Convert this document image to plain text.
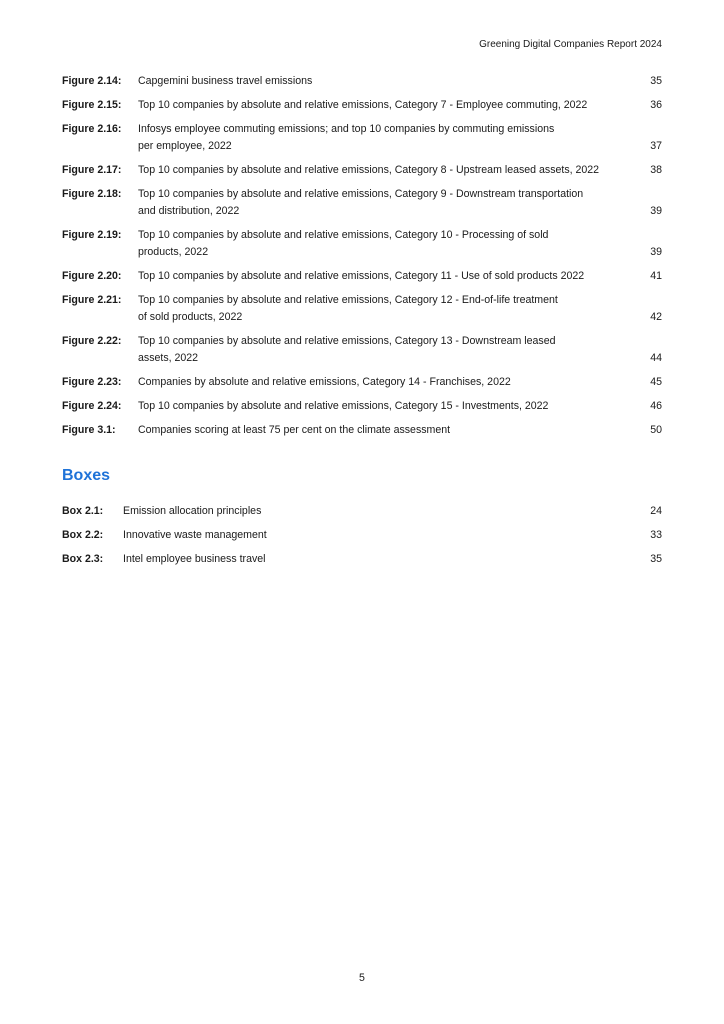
Greening Digital Companies Report 2024
Figure 2.14:	Capgemini business travel emissions	35
Figure 2.15:	Top 10 companies by absolute and relative emissions, Category 7 - Employee commuting, 2022	36
Figure 2.16:	Infosys employee commuting emissions; and top 10 companies by commuting emissions
per employee, 2022	37
Figure 2.17:	Top 10 companies by absolute and relative emissions, Category 8 - Upstream leased assets, 2022	38
Figure 2.18:	Top 10 companies by absolute and relative emissions, Category 9 - Downstream transportation
and distribution, 2022	39
Figure 2.19:	Top 10 companies by absolute and relative emissions, Category 10 - Processing of sold
products, 2022	39
Figure 2.20:	Top 10 companies by absolute and relative emissions, Category 11 - Use of sold products 2022	41
Figure 2.21:	Top 10 companies by absolute and relative emissions, Category 12 - End-of-life treatment
of sold products, 2022	42
Figure 2.22:	Top 10 companies by absolute and relative emissions, Category 13 - Downstream leased
assets, 2022	44
Figure 2.23:	Companies by absolute and relative emissions, Category 14 - Franchises, 2022	45
Figure 2.24:	Top 10 companies by absolute and relative emissions, Category 15 - Investments, 2022	46
Figure 3.1:	Companies scoring at least 75 per cent on the climate assessment	50
Boxes
Box 2.1:	Emission allocation principles	24
Box 2.2:	Innovative waste management	33
Box 2.3:	Intel employee business travel	35
5
